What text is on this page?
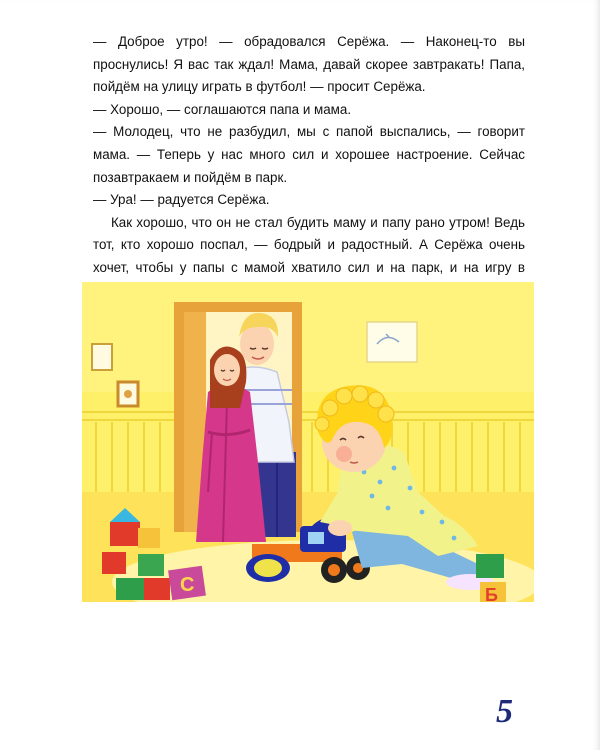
— Доброе утро! — обрадовался Серёжа. — Наконец-то вы проснулись! Я вас так ждал! Мама, давай скорее завтракать! Папа, пойдём на улицу играть в футбол! — просит Серёжа.

— Хорошо, — соглашаются папа и мама.

— Молодец, что не разбудил, мы с папой выспались, — говорит мама. — Теперь у нас много сил и хорошее настроение. Сейчас позавтракаем и пойдём в парк.

— Ура! — радуется Серёжа.

Как хорошо, что он не стал будить маму и папу рано утром! Ведь тот, кто хорошо поспал, — бодрый и радостный. А Серёжа очень хочет, чтобы у папы с мамой хватило сил и на парк, и на игру в

С	Б
5
